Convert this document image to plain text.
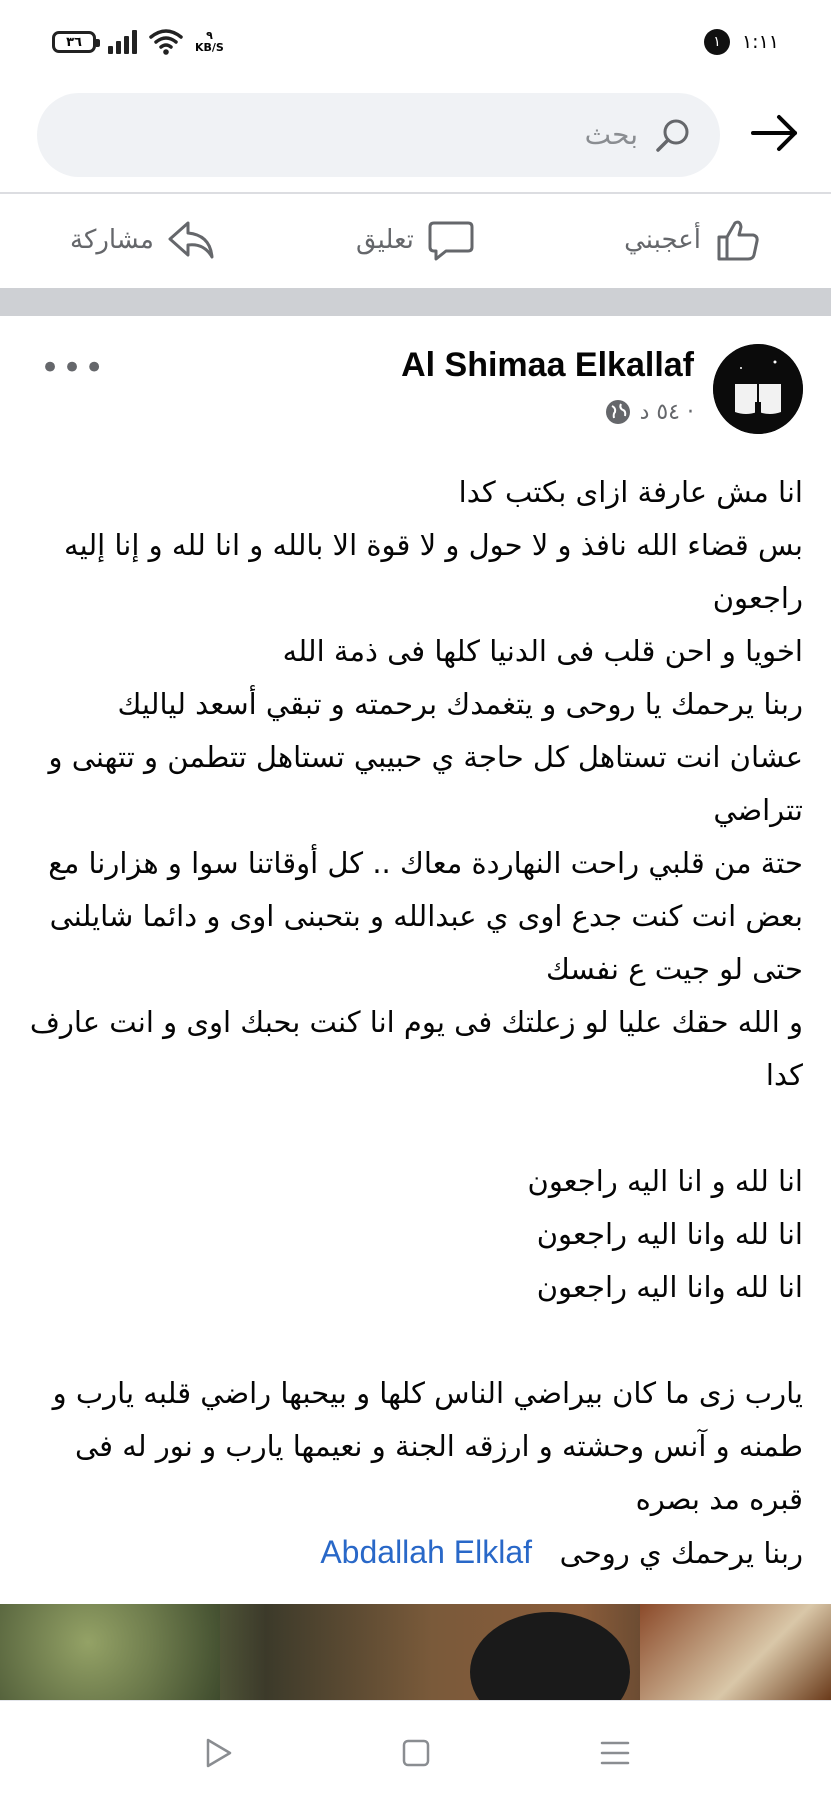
٣٦	٩
KB/S	١	١:١١
بحث
أعجبني
تعليق
مشاركة
Al Shimaa Elkallaf
٥٤ د ·
•••

انا مش عارفة ازاى بكتب كدا

بس قضاء الله نافذ و لا حول و لا قوة الا بالله و انا لله و إنا إليه راجعون

اخويا و احن قلب فى الدنيا كلها فى ذمة الله

ربنا يرحمك يا روحى و يتغمدك برحمته و تبقي أسعد لياليك

عشان انت تستاهل كل حاجة ي حبيبي تستاهل تتطمن و تتهنى و تتراضي

حتة من قلبي راحت النهاردة معاك .. كل أوقاتنا سوا و هزارنا مع بعض انت كنت جدع اوى ي عبدالله و بتحبنى اوى و دائما شايلنى حتى لو جيت ع نفسك

و الله حقك عليا لو زعلتك فى يوم انا كنت بحبك اوى و انت عارف كدا

انا لله و انا اليه راجعون

انا لله وانا اليه راجعون

انا لله وانا اليه راجعون

يارب زى ما كان بيراضي الناس كلها و بيحبها راضي قلبه يارب و طمنه و آنس وحشته و ارزقه الجنة و نعيمها يارب و نور له فى قبره مد بصره

ربنا يرحمك ي روحى   Abdallah Elklaf
